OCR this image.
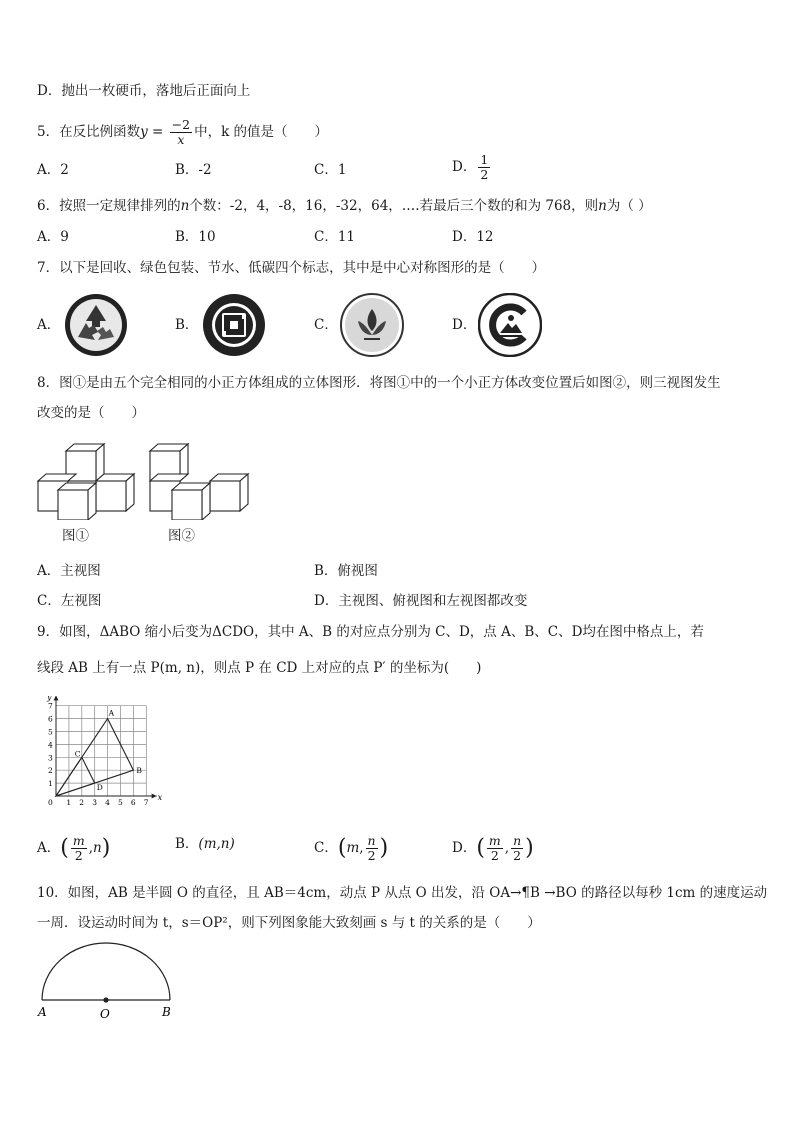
D．抛出一枚硬币，落地后正面向上
5．在反比例函数$y = \frac{-2}{x}$ 中，k 的值是（　　）
A．2	B．-2	C．1	D． $\frac{1}{2}$
6．按照一定规律排列的n个数：-2，4，-8，16，-32，64，….若最后三个数的和为 768，则n为（ ）
A．9	B．10	C．11	D．12
7．以下是回收、绿色包装、节水、低碳四个标志，其中是中心对称图形的是（　　）
A．	B．	C．	D．
8．图①是由五个完全相同的小正方体组成的立体图形．将图①中的一个小正方体改变位置后如图②，则三视图发生
改变的是（　　）
图①	图②
A．主视图	B．俯视图
C．左视图	D．主视图、俯视图和左视图都改变
9．如图，ΔABO 缩小后变为ΔCDO，其中 A、B 的对应点分别为 C、D，点 A、B、C、D均在图中格点上，若
线段 AB 上有一点 P(m, n)，则点 P 在 CD 上对应的点 P′ 的坐标为(　　)
x
y
1 2 3 4 5 6 7
1
2
3
4
5
6
7
0
A
B
C
D
A．( $\frac{m}{2} ,n$)	B．(m,n)	C．(m, $\frac{n}{2}$ )	D．( $\frac{m}{2}$ , $\frac{n}{2}$ )
10．如图，AB 是半圆 O 的直径，且 AB＝4cm，动点 P 从点 O 出发，沿 OA→¶B →BO 的路径以每秒 1cm 的速度运动
一周．设运动时间为 t，s＝OP²，则下列图象能大致刻画 s 与 t 的关系的是（　　）
A	O	B
